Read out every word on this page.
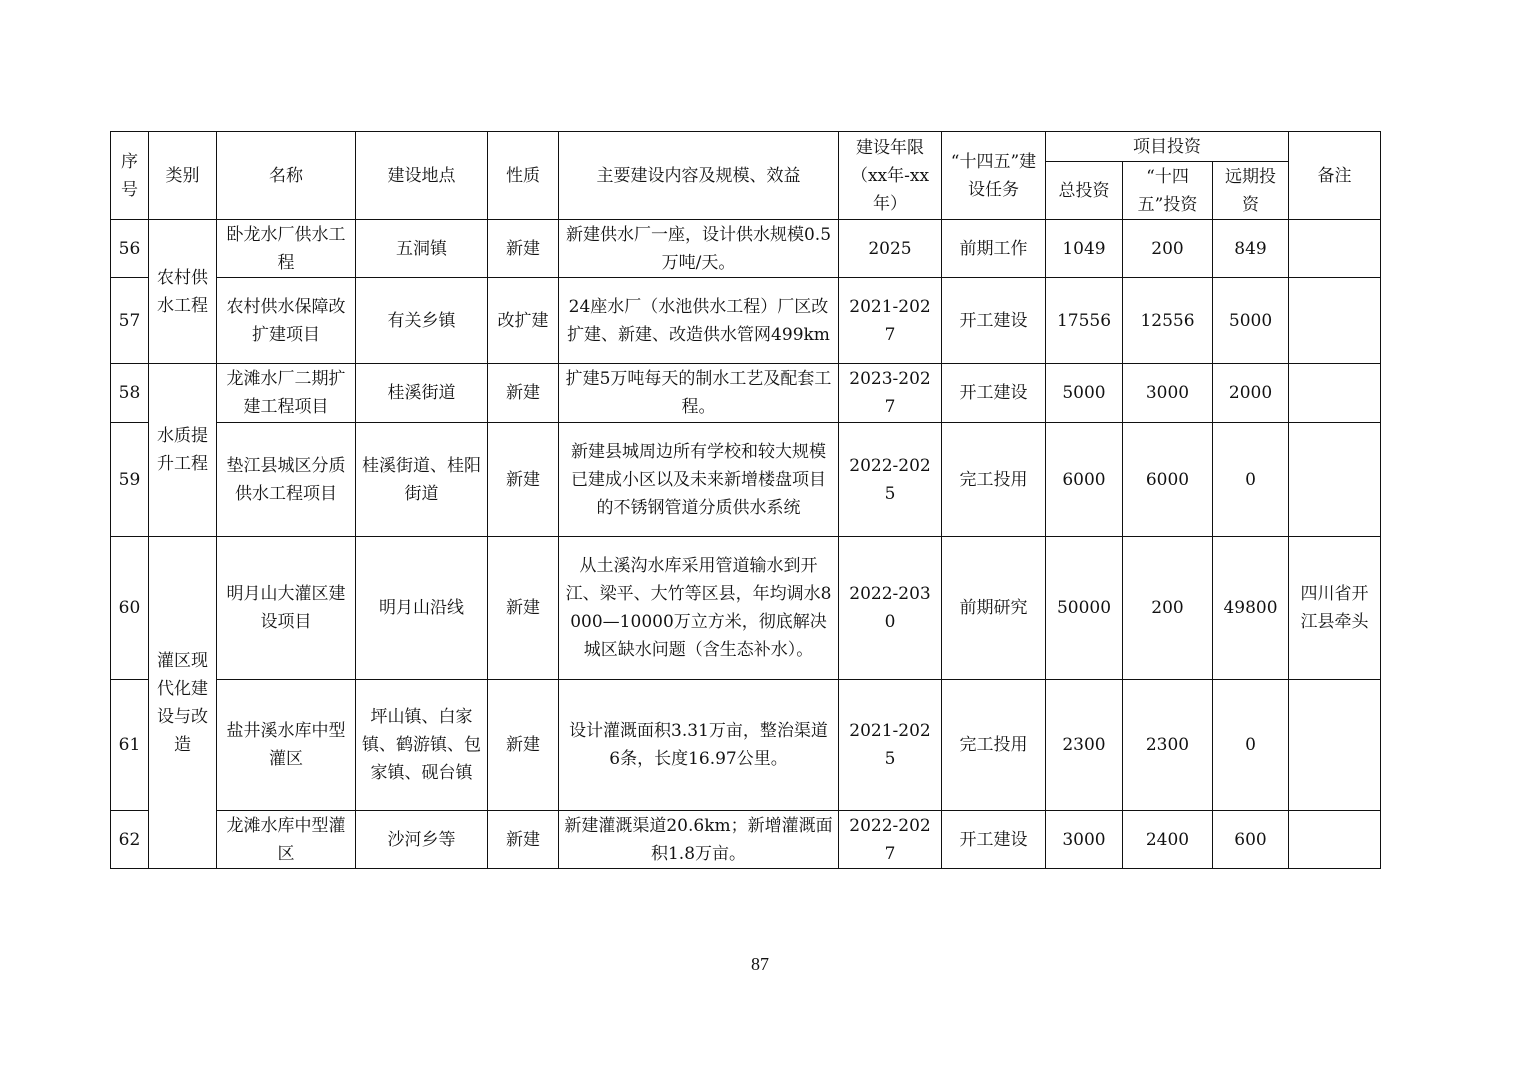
序号	类别	名称	建设地点	性质	主要建设内容及规模、效益	建设年限（xx年-xx年）	“十四五”建设任务	项目投资			备注
								总投资	“十四五”投资	远期投资	
56	农村供水工程	卧龙水厂供水工程	五洞镇	新建	新建供水厂一座，设计供水规模0.5万吨/天。	2025	前期工作	1049	200	849	
57		农村供水保障改扩建项目	有关乡镇	改扩建	24座水厂（水池供水工程）厂区改扩建、新建、改造供水管网499km	2021-2027	开工建设	17556	12556	5000	
58	水质提升工程	龙滩水厂二期扩建工程项目	桂溪街道	新建	扩建5万吨每天的制水工艺及配套工程。	2023-2027	开工建设	5000	3000	2000	
59		垫江县城区分质供水工程项目	桂溪街道、桂阳街道	新建	新建县城周边所有学校和较大规模已建成小区以及未来新增楼盘项目的不锈钢管道分质供水系统	2022-2025	完工投用	6000	6000	0	
60	灌区现代化建设与改造	明月山大灌区建设项目	明月山沿线	新建	从土溪沟水库采用管道输水到开江、梁平、大竹等区县，年均调水8000—10000万立方米，彻底解决城区缺水问题（含生态补水）。	2022-2030	前期研究	50000	200	49800	四川省开江县牵头
61		盐井溪水库中型灌区	坪山镇、白家镇、鹤游镇、包家镇、砚台镇	新建	设计灌溉面积3.31万亩，整治渠道6条，长度16.97公里。	2021-2025	完工投用	2300	2300	0	
62		龙滩水库中型灌区	沙河乡等	新建	新建灌溉渠道20.6km；新增灌溉面积1.8万亩。	2022-2027	开工建设	3000	2400	600	
87
